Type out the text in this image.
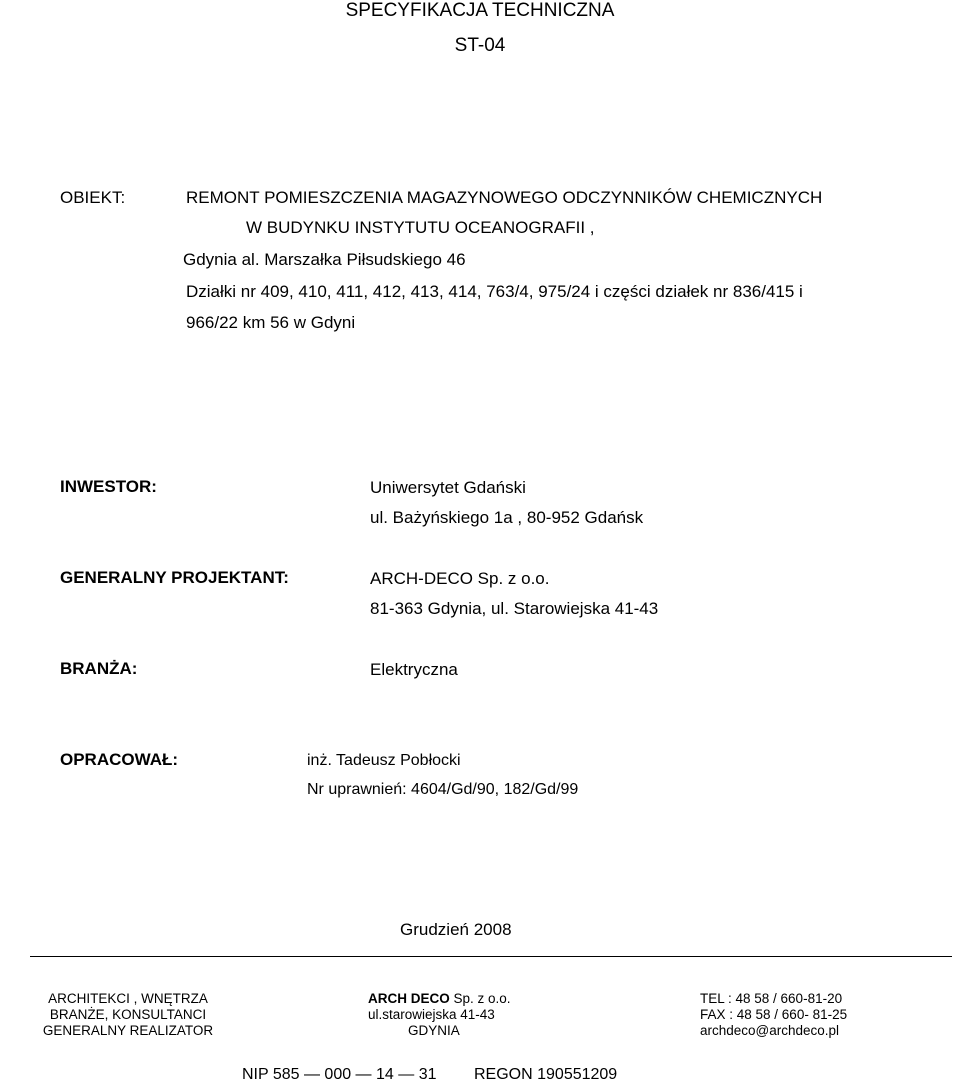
SPECYFIKACJA TECHNICZNA
ST-04
OBIEKT:	REMONT POMIESZCZENIA MAGAZYNOWEGO ODCZYNNIKÓW CHEMICZNYCH
W BUDYNKU INSTYTUTU OCEANOGRAFII ,
Gdynia al. Marszałka Piłsudskiego 46
Działki nr 409, 410, 411, 412, 413, 414, 763/4, 975/24 i części działek nr 836/415 i
966/22 km 56 w Gdyni
INWESTOR:	Uniwersytet Gdański
ul. Bażyńskiego 1a , 80-952 Gdańsk
GENERALNY PROJEKTANT:	ARCH-DECO Sp. z o.o.
81-363 Gdynia, ul. Starowiejska 41-43
BRANŻA:	Elektryczna
OPRACOWAŁ:	inż. Tadeusz Pobłocki
Nr uprawnień: 4604/Gd/90, 182/Gd/99
Grudzień 2008
ARCHITEKCI , WNĘTRZA
BRANŻE, KONSULTANCI
GENERALNY REALIZATOR
ARCH DECO Sp. z o.o.
ul.starowiejska 41-43
GDYNIA
TEL : 48 58 / 660-81-20
FAX : 48 58 / 660- 81-25
archdeco@archdeco.pl
NIP 585 — 000 — 14 — 31 REGON 190551209
